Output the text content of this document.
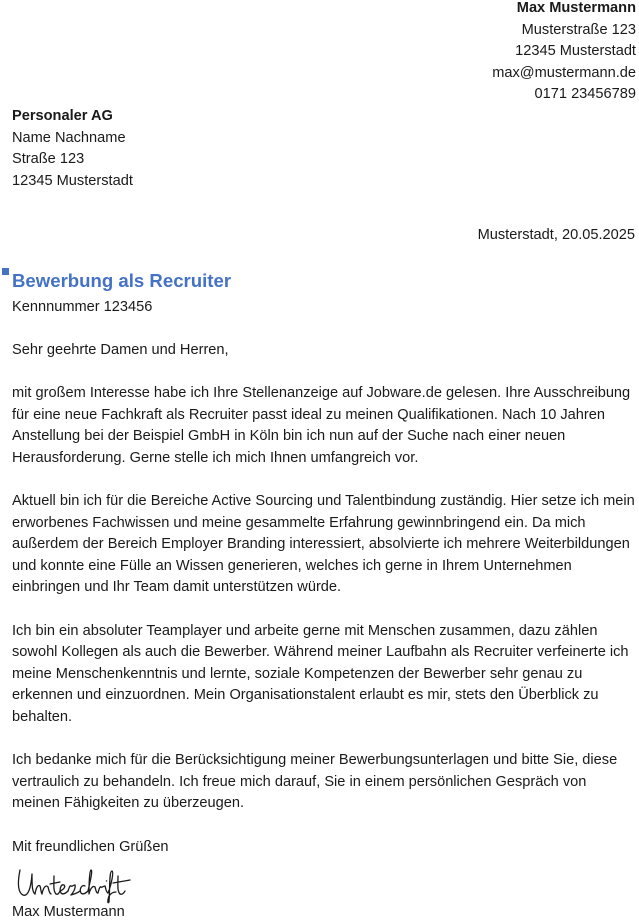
Max Mustermann
Musterstraße 123
12345 Musterstadt
max@mustermann.de
0171 23456789
Personaler AG
Name Nachname
Straße 123
12345 Musterstadt
Musterstadt, 20.05.2025
Bewerbung als Recruiter
Kennnummer 123456
Sehr geehrte Damen und Herren,

mit großem Interesse habe ich Ihre Stellenanzeige auf Jobware.de gelesen. Ihre Ausschreibung für eine neue Fachkraft als Recruiter passt ideal zu meinen Qualifikationen. Nach 10 Jahren Anstellung bei der Beispiel GmbH in Köln bin ich nun auf der Suche nach einer neuen Herausforderung. Gerne stelle ich mich Ihnen umfangreich vor.

Aktuell bin ich für die Bereiche Active Sourcing und Talentbindung zuständig. Hier setze ich mein erworbenes Fachwissen und meine gesammelte Erfahrung gewinnbringend ein. Da mich außerdem der Bereich Employer Branding interessiert, absolvierte ich mehrere Weiterbildungen und konnte eine Fülle an Wissen generieren, welches ich gerne in Ihrem Unternehmen einbringen und Ihr Team damit unterstützen würde.

Ich bin ein absoluter Teamplayer und arbeite gerne mit Menschen zusammen, dazu zählen sowohl Kollegen als auch die Bewerber. Während meiner Laufbahn als Recruiter verfeinerte ich meine Menschenkenntnis und lernte, soziale Kompetenzen der Bewerber sehr genau zu erkennen und einzuordnen. Mein Organisationstalent erlaubt es mir, stets den Überblick zu behalten.

Ich bedanke mich für die Berücksichtigung meiner Bewerbungsunterlagen und bitte Sie, diese vertraulich zu behandeln. Ich freue mich darauf, Sie in einem persönlichen Gespräch von meinen Fähigkeiten zu überzeugen.

Mit freundlichen Grüßen
Max Mustermann
